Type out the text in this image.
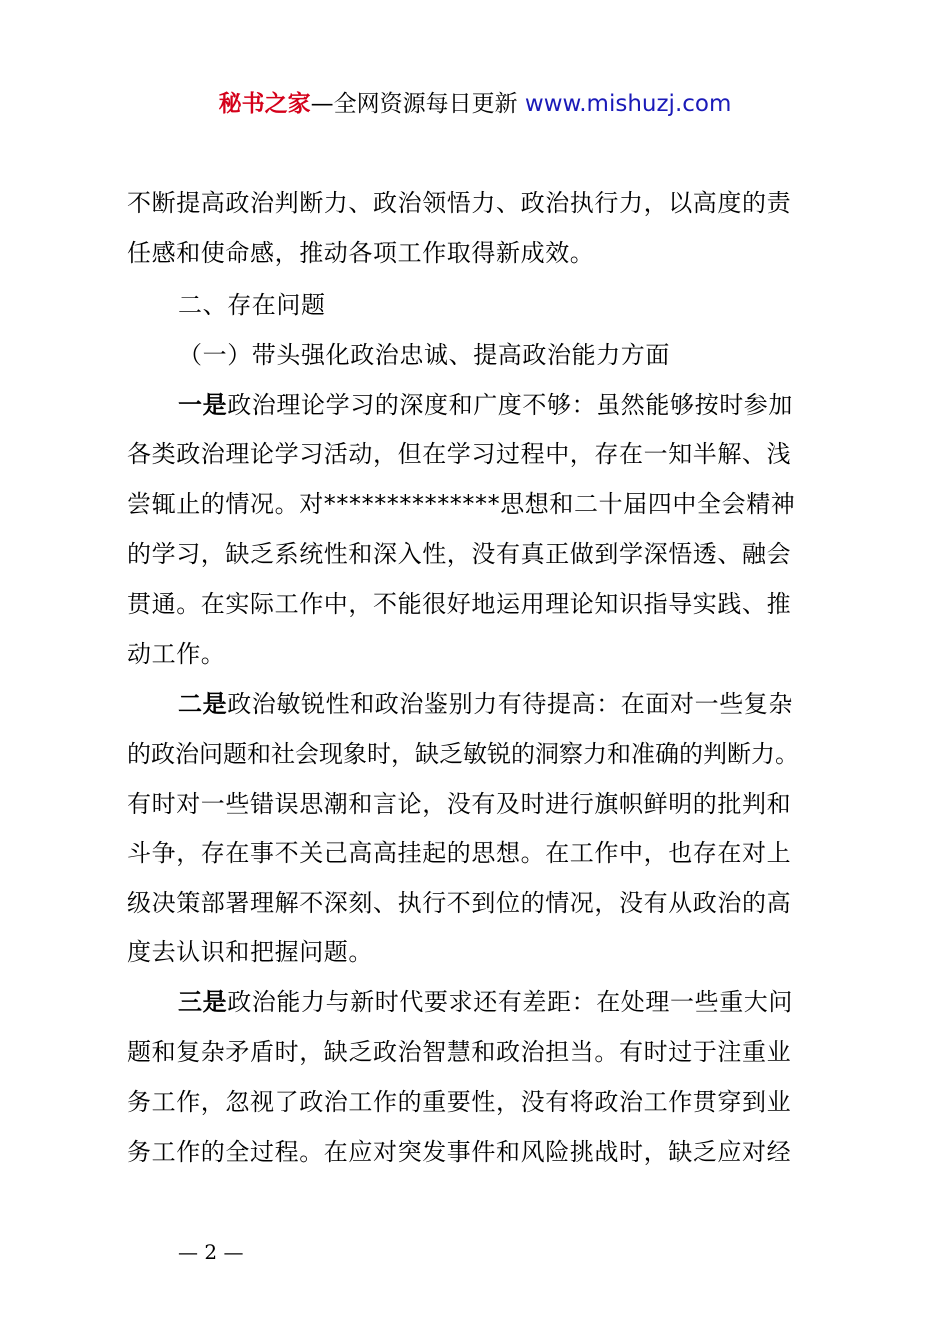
秘书之家—全网资源每日更新 www.mishuzj.com
不断提高政治判断力、政治领悟力、政治执行力，以高度的责
任感和使命感，推动各项工作取得新成效。
二、存在问题
（一）带头强化政治忠诚、提高政治能力方面
一是政治理论学习的深度和广度不够：虽然能够按时参加
各类政治理论学习活动，但在学习过程中，存在一知半解、浅
尝辄止的情况。对**************思想和二十届四中全会精神
的学习，缺乏系统性和深入性，没有真正做到学深悟透、融会
贯通。在实际工作中，不能很好地运用理论知识指导实践、推
动工作。
二是政治敏锐性和政治鉴别力有待提高：在面对一些复杂
的政治问题和社会现象时，缺乏敏锐的洞察力和准确的判断力。
有时对一些错误思潮和言论，没有及时进行旗帜鲜明的批判和
斗争，存在事不关己高高挂起的思想。在工作中，也存在对上
级决策部署理解不深刻、执行不到位的情况，没有从政治的高
度去认识和把握问题。
三是政治能力与新时代要求还有差距：在处理一些重大问
题和复杂矛盾时，缺乏政治智慧和政治担当。有时过于注重业
务工作，忽视了政治工作的重要性，没有将政治工作贯穿到业
务工作的全过程。在应对突发事件和风险挑战时，缺乏应对经
— 2 —
